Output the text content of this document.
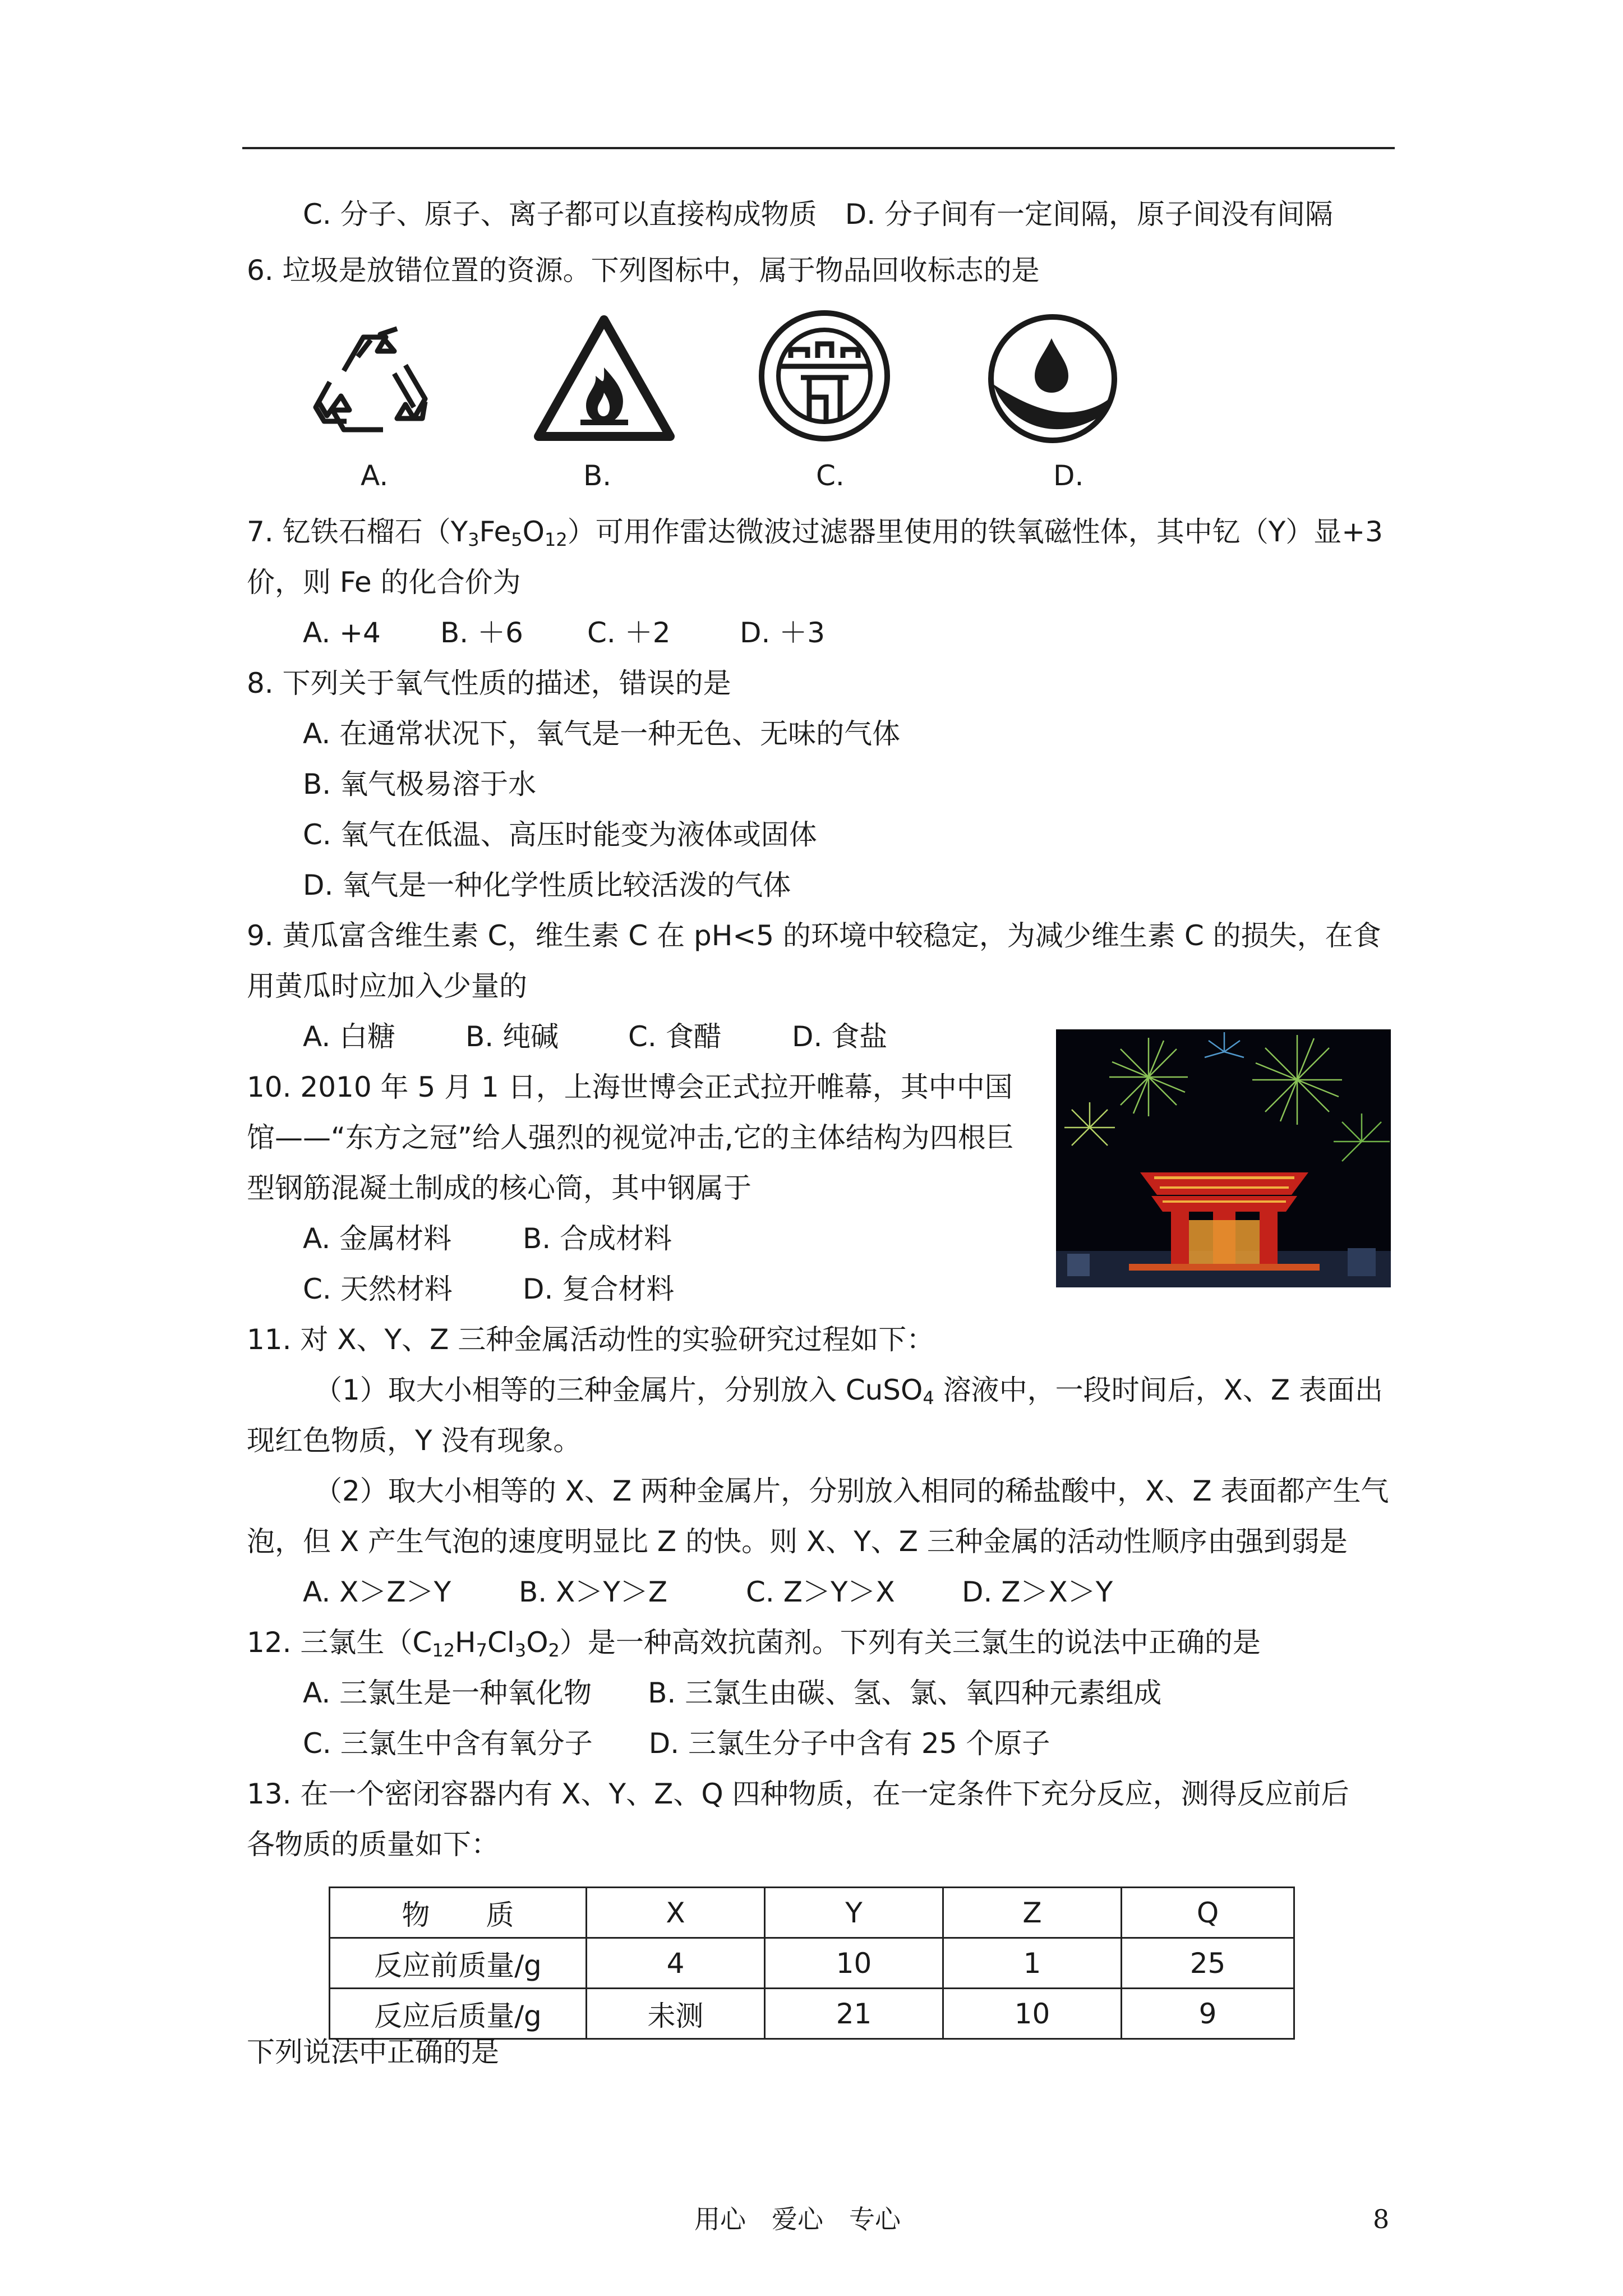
C. 分子、原子、离子都可以直接构成物质　D. 分子间有一定间隔，原子间没有间隔
6. 垃圾是放错位置的资源。下列图标中，属于物品回收标志的是
A.	B.	C.	D.
7. 钇铁石榴石$(Y_3Fe_5O_{12})$可用作雷达微波过滤器里使用的铁氧磁性体，其中钇（Y）显+3
价，则 Fe 的化合价为
A. +4 B. ＋6 C. ＋2 D. ＋3
8. 下列关于氧气性质的描述，错误的是
A. 在通常状况下，氧气是一种无色、无味的气体
B. 氧气极易溶于水
C. 氧气在低温、高压时能变为液体或固体
D. 氧气是一种化学性质比较活泼的气体
9. 黄瓜富含维生素 C，维生素 C 在 pH<5 的环境中较稳定，为减少维生素 C 的损失，在食
用黄瓜时应加入少量的
A. 白糖 B. 纯碱 C. 食醋	D. 食盐
10. 2010 年 5 月 1 日，上海世博会正式拉开帷幕，其中中国
馆——“东方之冠”给人强烈的视觉冲击,它的主体结构为四根巨
型钢筋混凝土制成的核心筒，其中钢属于
A. 金属材料	B. 合成材料
C. 天然材料	D. 复合材料
11. 对 X、Y、Z 三种金属活动性的实验研究过程如下：
（1）取大小相等的三种金属片，分别放入 CuSO$_4$ 溶液中，一段时间后，X、Z 表面出
现红色物质，Y 没有现象。
（2）取大小相等的 X、Z 两种金属片，分别放入相同的稀盐酸中，X、Z 表面都产生气
泡，但 X 产生气泡的速度明显比 Z 的快。则 X、Y、Z 三种金属的活动性顺序由强到弱是
A. X＞Z＞Y B. X＞Y＞Z	C. Z＞Y＞X D. Z＞X＞Y
12. 三氯生$(C_{12}H_7Cl_3O_2)$是一种高效抗菌剂。下列有关三氯生的说法中正确的是
A. 三氯生是一种氧化物　　B. 三氯生由碳、氢、氯、氧四种元素组成
C. 三氯生中含有氧分子　　D. 三氯生分子中含有 25 个原子
13. 在一个密闭容器内有 X、Y、Z、Q 四种物质，在一定条件下充分反应，测得反应前后
各物质的质量如下：
物　　质	X	Y	Z	Q
反应前质量/g	4	10	1	25
反应后质量/g	未测	21	10	9
下列说法中正确的是
用心　爱心　专心	8
